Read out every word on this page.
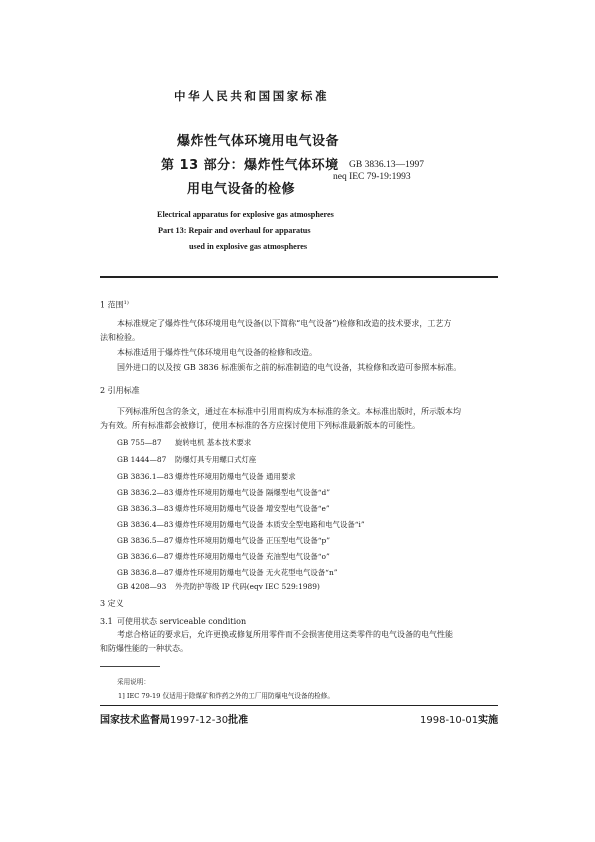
中华人民共和国国家标准
爆炸性气体环境用电气设备
第 13 部分：爆炸性气体环境
用电气设备的检修
GB 3836.13—1997
neq IEC 79-19:1993
Electrical apparatus for explosive gas atmospheres
Part 13: Repair and overhaul for apparatus
used in explosive gas atmospheres
1 范围$^{1)}$
本标准规定了爆炸性气体环境用电气设备(以下简称“电气设备”)检修和改造的技术要求，工艺方
法和检验。
本标准适用于爆炸性气体环境用电气设备的检修和改造。
国外进口的以及按 GB 3836 标准颁布之前的标准制造的电气设备，其检修和改造可参照本标准。
2 引用标准
下列标准所包含的条文，通过在本标准中引用而构成为本标准的条文。本标准出版时，所示版本均
为有效。所有标准都会被修订，使用本标准的各方应探讨使用下列标准最新版本的可能性。
GB 755—87 旋转电机 基本技术要求
GB 1444—87 防爆灯具专用螺口式灯座
GB 3836.1—83 爆炸性环境用防爆电气设备 通用要求
GB 3836.2—83 爆炸性环境用防爆电气设备 隔爆型电气设备“d”
GB 3836.3—83 爆炸性环境用防爆电气设备 增安型电气设备“e”
GB 3836.4—83 爆炸性环境用防爆电气设备 本质安全型电路和电气设备“i”
GB 3836.5—87 爆炸性环境用防爆电气设备 正压型电气设备“p”
GB 3836.6—87 爆炸性环境用防爆电气设备 充油型电气设备“o”
GB 3836.8—87 爆炸性环境用防爆电气设备 无火花型电气设备“n”
GB 4208—93 外壳防护等级 IP 代码(eqv IEC 529:1989)
3 定义
3.1 可使用状态 serviceable condition
考虑合格证的要求后，允许更换或修复所用零件而不会损害使用这类零件的电气设备的电气性能
和防爆性能的一种状态。
采用说明：
1] IEC 79-19 仅适用于除煤矿和炸药之外的工厂用防爆电气设备的检修。
国家技术监督局1997-12-30批准	1998-10-01实施
